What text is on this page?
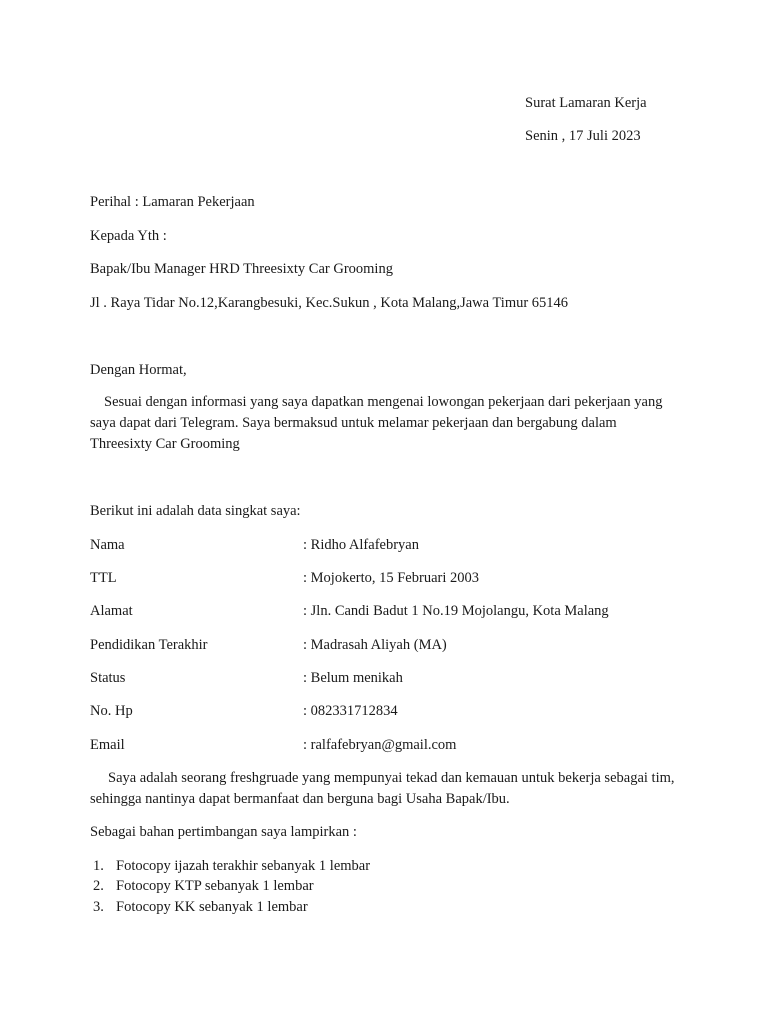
Surat Lamaran Kerja
Senin , 17 Juli 2023
Perihal : Lamaran Pekerjaan
Kepada Yth :
Bapak/Ibu Manager HRD Threesixty Car Grooming
Jl . Raya Tidar No.12,Karangbesuki, Kec.Sukun , Kota Malang,Jawa Timur 65146
Dengan Hormat,
Sesuai dengan informasi yang saya dapatkan mengenai lowongan pekerjaan dari pekerjaan yang saya dapat dari Telegram. Saya bermaksud untuk melamar pekerjaan dan bergabung dalam Threesixty Car Grooming
Berikut ini adalah data singkat saya:
Nama	: Ridho Alfafebryan
TTL	: Mojokerto, 15 Februari 2003
Alamat	: Jln. Candi Badut 1 No.19 Mojolangu, Kota Malang
Pendidikan Terakhir	: Madrasah Aliyah (MA)
Status	: Belum menikah
No. Hp	: 082331712834
Email	: ralfafebryan@gmail.com
Saya adalah seorang freshgruade yang mempunyai tekad dan kemauan untuk bekerja sebagai tim, sehingga nantinya dapat bermanfaat dan berguna bagi Usaha Bapak/Ibu.
Sebagai bahan pertimbangan saya lampirkan :
1. Fotocopy ijazah terakhir sebanyak 1 lembar
2. Fotocopy KTP sebanyak 1 lembar
3. Fotocopy KK sebanyak 1 lembar
